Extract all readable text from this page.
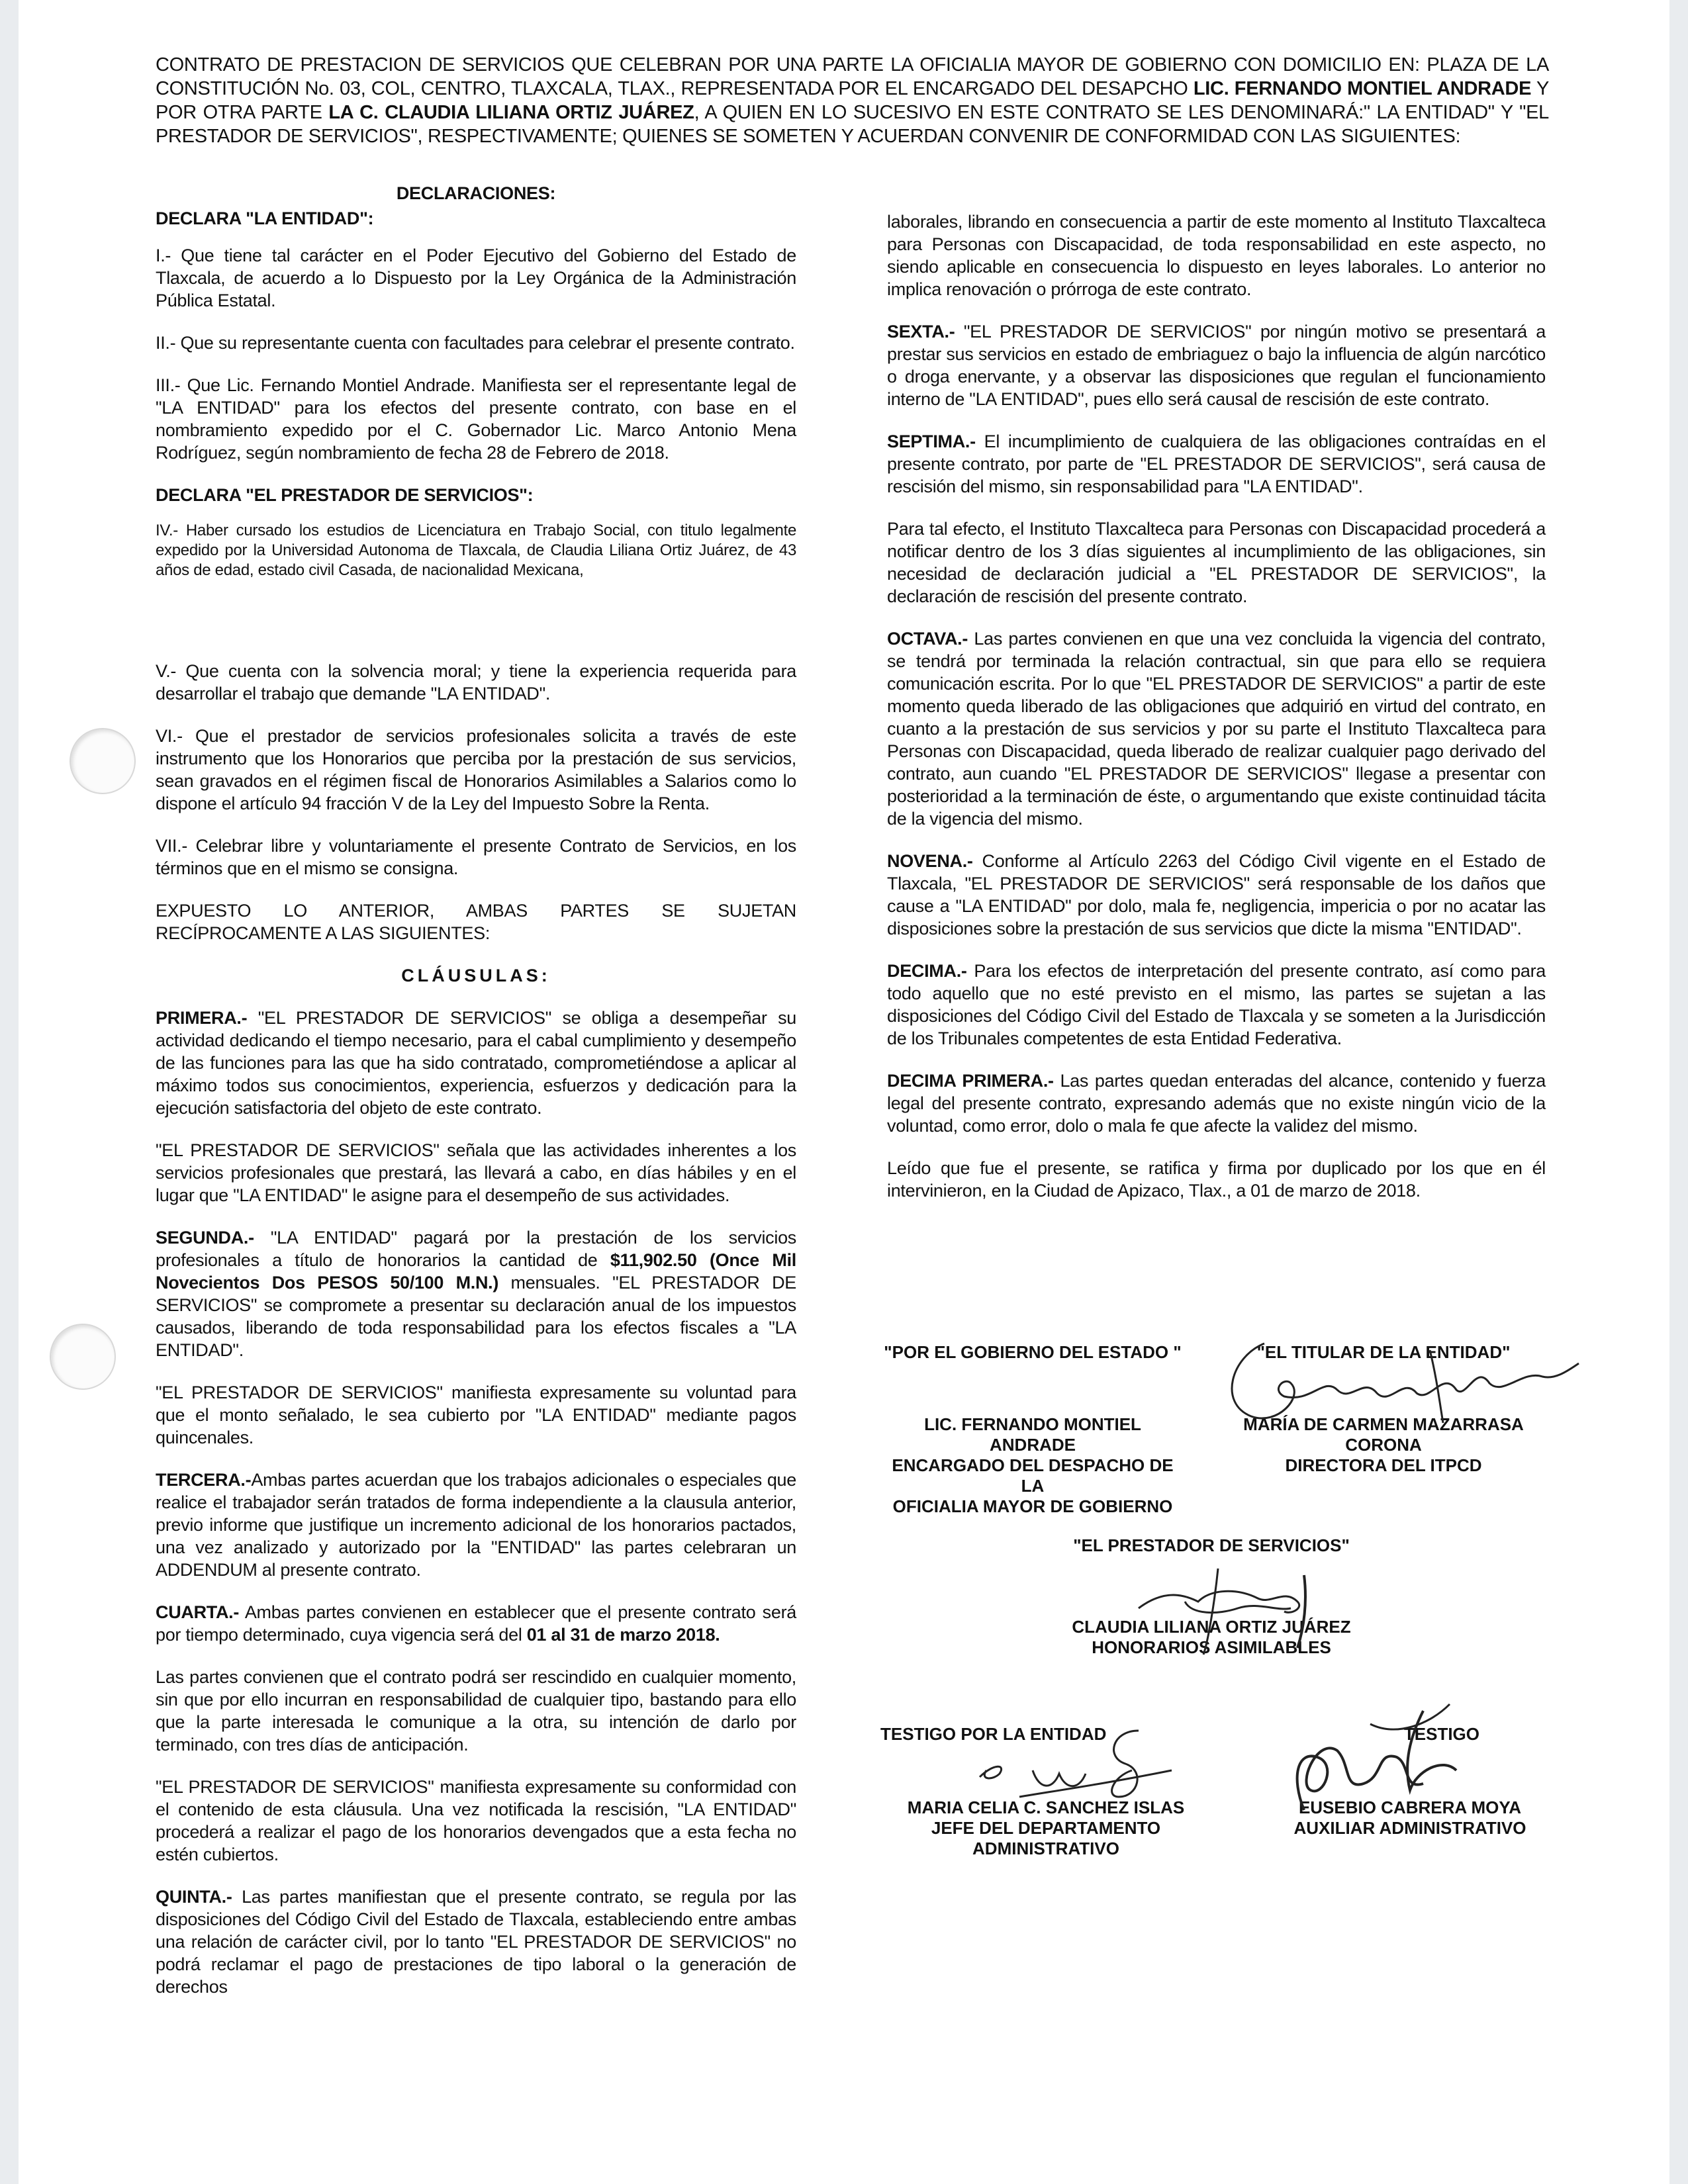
CONTRATO DE PRESTACION DE SERVICIOS QUE CELEBRAN POR UNA PARTE LA OFICIALIA MAYOR DE GOBIERNO CON DOMICILIO EN: PLAZA DE LA CONSTITUCIÓN No. 03, COL, CENTRO, TLAXCALA, TLAX., REPRESENTADA POR EL ENCARGADO DEL DESAPCHO LIC. FERNANDO MONTIEL ANDRADE Y POR OTRA PARTE LA C. CLAUDIA LILIANA ORTIZ JUÁREZ, A QUIEN EN LO SUCESIVO EN ESTE CONTRATO SE LES DENOMINARÁ:" LA ENTIDAD" Y "EL PRESTADOR DE SERVICIOS", RESPECTIVAMENTE; QUIENES SE SOMETEN Y ACUERDAN CONVENIR DE CONFORMIDAD CON LAS SIGUIENTES:

DECLARACIONES:

DECLARA "LA ENTIDAD":

I.- Que tiene tal carácter en el Poder Ejecutivo del Gobierno del Estado de Tlaxcala, de acuerdo a lo Dispuesto por la Ley Orgánica de la Administración Pública Estatal.

II.- Que su representante cuenta con facultades para celebrar el presente contrato.

III.- Que Lic. Fernando Montiel Andrade. Manifiesta ser el representante legal de "LA ENTIDAD" para los efectos del presente contrato, con base en el nombramiento expedido por el C. Gobernador Lic. Marco Antonio Mena Rodríguez, según nombramiento de fecha 28 de Febrero de 2018.

DECLARA "EL PRESTADOR DE SERVICIOS":

IV.- Haber cursado los estudios de Licenciatura en Trabajo Social, con titulo legalmente expedido por la Universidad Autonoma de Tlaxcala, de Claudia Liliana Ortiz Juárez, de 43 años de edad, estado civil Casada, de nacionalidad Mexicana,

V.- Que cuenta con la solvencia moral; y tiene la experiencia requerida para desarrollar el trabajo que demande "LA ENTIDAD".

VI.- Que el prestador de servicios profesionales solicita a través de este instrumento que los Honorarios que perciba por la prestación de sus servicios, sean gravados en el régimen fiscal de Honorarios Asimilables a Salarios como lo dispone el artículo 94 fracción V de la Ley del Impuesto Sobre la Renta.

VII.- Celebrar libre y voluntariamente el presente Contrato de Servicios, en los términos que en el mismo se consigna.

EXPUESTO LO ANTERIOR, AMBAS PARTES SE SUJETAN RECÍPROCAMENTE A LAS SIGUIENTES:

CLÁUSULAS:

PRIMERA.- "EL PRESTADOR DE SERVICIOS" se obliga a desempeñar su actividad dedicando el tiempo necesario, para el cabal cumplimiento y desempeño de las funciones para las que ha sido contratado, comprometiéndose a aplicar al máximo todos sus conocimientos, experiencia, esfuerzos y dedicación para la ejecución satisfactoria del objeto de este contrato.

"EL PRESTADOR DE SERVICIOS" señala que las actividades inherentes a los servicios profesionales que prestará, las llevará a cabo, en días hábiles y en el lugar que "LA ENTIDAD" le asigne para el desempeño de sus actividades.

SEGUNDA.- "LA ENTIDAD" pagará por la prestación de los servicios profesionales a título de honorarios la cantidad de $11,902.50 (Once Mil Novecientos Dos PESOS 50/100 M.N.) mensuales. "EL PRESTADOR DE SERVICIOS" se compromete a presentar su declaración anual de los impuestos causados, liberando de toda responsabilidad para los efectos fiscales a "LA ENTIDAD".

"EL PRESTADOR DE SERVICIOS" manifiesta expresamente su voluntad para que el monto señalado, le sea cubierto por "LA ENTIDAD" mediante pagos quincenales.

TERCERA.-Ambas partes acuerdan que los trabajos adicionales o especiales que realice el trabajador serán tratados de forma independiente a la clausula anterior, previo informe que justifique un incremento adicional de los honorarios pactados, una vez analizado y autorizado por la "ENTIDAD" las partes celebraran un ADDENDUM al presente contrato.

CUARTA.- Ambas partes convienen en establecer que el presente contrato será por tiempo determinado, cuya vigencia será del 01 al 31 de marzo 2018.

Las partes convienen que el contrato podrá ser rescindido en cualquier momento, sin que por ello incurran en responsabilidad de cualquier tipo, bastando para ello que la parte interesada le comunique a la otra, su intención de darlo por terminado, con tres días de anticipación.

"EL PRESTADOR DE SERVICIOS" manifiesta expresamente su conformidad con el contenido de esta cláusula. Una vez notificada la rescisión, "LA ENTIDAD" procederá a realizar el pago de los honorarios devengados que a esta fecha no estén cubiertos.

QUINTA.- Las partes manifiestan que el presente contrato, se regula por las disposiciones del Código Civil del Estado de Tlaxcala, estableciendo entre ambas una relación de carácter civil, por lo tanto "EL PRESTADOR DE SERVICIOS" no podrá reclamar el pago de prestaciones de tipo laboral o la generación de derechos

laborales, librando en consecuencia a partir de este momento al Instituto Tlaxcalteca para Personas con Discapacidad, de toda responsabilidad en este aspecto, no siendo aplicable en consecuencia lo dispuesto en leyes laborales. Lo anterior no implica renovación o prórroga de este contrato.

SEXTA.- "EL PRESTADOR DE SERVICIOS" por ningún motivo se presentará a prestar sus servicios en estado de embriaguez o bajo la influencia de algún narcótico o droga enervante, y a observar las disposiciones que regulan el funcionamiento interno de "LA ENTIDAD", pues ello será causal de rescisión de este contrato.

SEPTIMA.- El incumplimiento de cualquiera de las obligaciones contraídas en el presente contrato, por parte de "EL PRESTADOR DE SERVICIOS", será causa de rescisión del mismo, sin responsabilidad para "LA ENTIDAD".

Para tal efecto, el Instituto Tlaxcalteca para Personas con Discapacidad procederá a notificar dentro de los 3 días siguientes al incumplimiento de las obligaciones, sin necesidad de declaración judicial a "EL PRESTADOR DE SERVICIOS", la declaración de rescisión del presente contrato.

OCTAVA.- Las partes convienen en que una vez concluida la vigencia del contrato, se tendrá por terminada la relación contractual, sin que para ello se requiera comunicación escrita. Por lo que "EL PRESTADOR DE SERVICIOS" a partir de este momento queda liberado de las obligaciones que adquirió en virtud del contrato, en cuanto a la prestación de sus servicios y por su parte el Instituto Tlaxcalteca para Personas con Discapacidad, queda liberado de realizar cualquier pago derivado del contrato, aun cuando "EL PRESTADOR DE SERVICIOS" llegase a presentar con posterioridad a la terminación de éste, o argumentando que existe continuidad tácita de la vigencia del mismo.

NOVENA.- Conforme al Artículo 2263 del Código Civil vigente en el Estado de Tlaxcala, "EL PRESTADOR DE SERVICIOS" será responsable de los daños que cause a "LA ENTIDAD" por dolo, mala fe, negligencia, impericia o por no acatar las disposiciones sobre la prestación de sus servicios que dicte la misma "ENTIDAD".

DECIMA.- Para los efectos de interpretación del presente contrato, así como para todo aquello que no esté previsto en el mismo, las partes se sujetan a las disposiciones del Código Civil del Estado de Tlaxcala y se someten a la Jurisdicción de los Tribunales competentes de esta Entidad Federativa.

DECIMA PRIMERA.- Las partes quedan enteradas del alcance, contenido y fuerza legal del presente contrato, expresando además que no existe ningún vicio de la voluntad, como error, dolo o mala fe que afecte la validez del mismo.

Leído que fue el presente, se ratifica y firma por duplicado por los que en él intervinieron, en la Ciudad de Apizaco, Tlax., a 01 de marzo de 2018.

"POR EL GOBIERNO DEL ESTADO "
LIC. FERNANDO MONTIEL ANDRADE
ENCARGADO DEL DESPACHO DE LA
OFICIALIA MAYOR DE GOBIERNO
"EL TITULAR DE LA ENTIDAD"
MARÍA DE CARMEN MAZARRASA
CORONA
DIRECTORA DEL ITPCD
"EL PRESTADOR DE SERVICIOS"
CLAUDIA LILIANA ORTIZ JUÁREZ
HONORARIOS ASIMILABLES
TESTIGO POR LA ENTIDAD
MARIA CELIA C. SANCHEZ ISLAS
JEFE DEL DEPARTAMENTO
ADMINISTRATIVO
TESTIGO
EUSEBIO CABRERA MOYA
AUXILIAR ADMINISTRATIVO
